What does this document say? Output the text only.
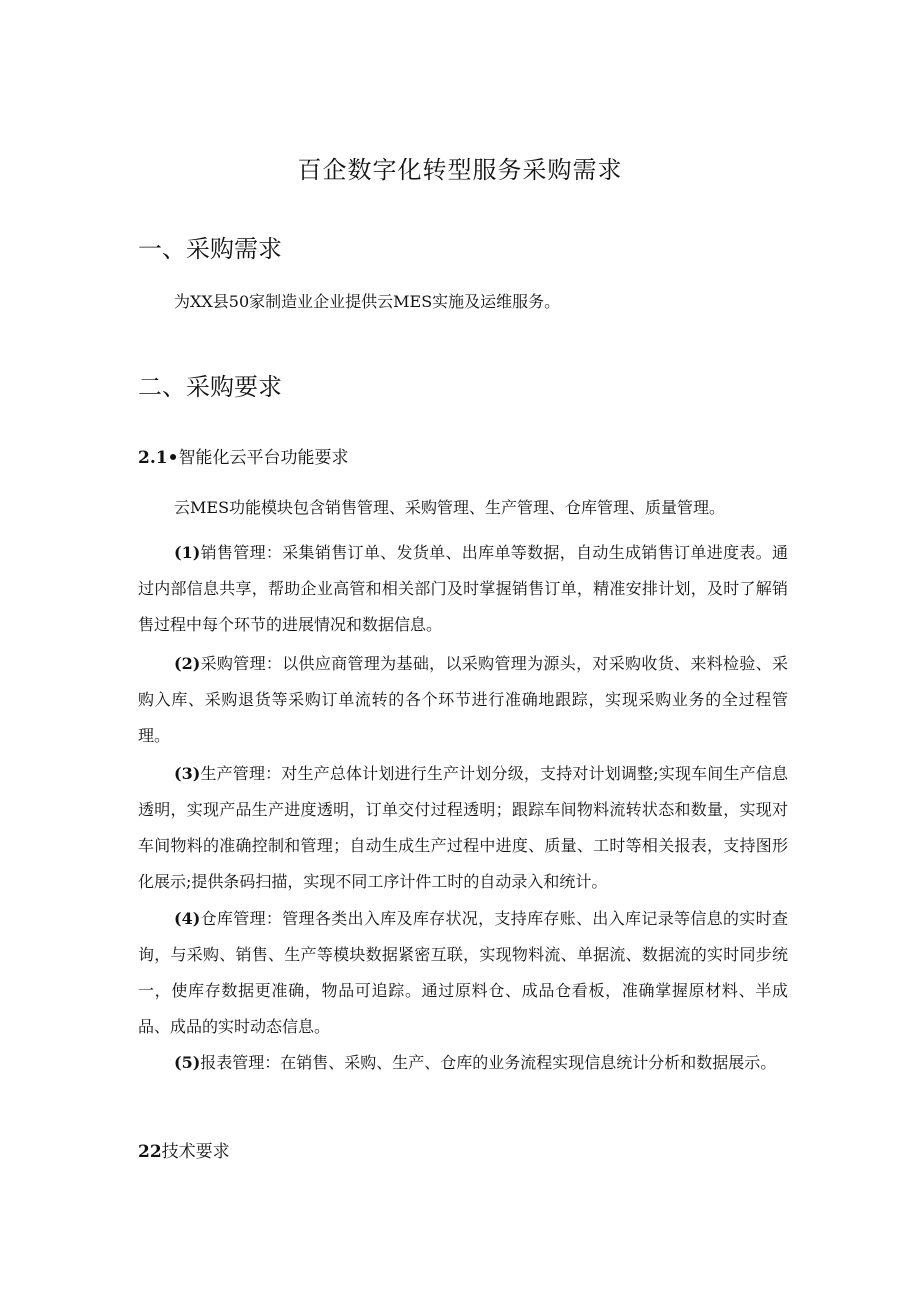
百企数字化转型服务采购需求
一、采购需求
为XX县50家制造业企业提供云MES实施及运维服务。
二、采购要求
2.1•智能化云平台功能要求
云MES功能模块包含销售管理、采购管理、生产管理、仓库管理、质量管理。
(1)销售管理：采集销售订单、发货单、出库单等数据，自动生成销售订单进度表。通过内部信息共享，帮助企业高管和相关部门及时掌握销售订单，精准安排计划，及时了解销售过程中每个环节的进展情况和数据信息。
(2)采购管理：以供应商管理为基础，以采购管理为源头，对采购收货、来料检验、采购入库、采购退货等采购订单流转的各个环节进行准确地跟踪，实现采购业务的全过程管理。
(3)生产管理：对生产总体计划进行生产计划分级，支持对计划调整;实现车间生产信息透明，实现产品生产进度透明，订单交付过程透明；跟踪车间物料流转状态和数量，实现对车间物料的准确控制和管理；自动生成生产过程中进度、质量、工时等相关报表，支持图形化展示;提供条码扫描，实现不同工序计件工时的自动录入和统计。
(4)仓库管理：管理各类出入库及库存状况，支持库存账、出入库记录等信息的实时查询，与采购、销售、生产等模块数据紧密互联，实现物料流、单据流、数据流的实时同步统一，使库存数据更准确，物品可追踪。通过原料仓、成品仓看板，准确掌握原材料、半成品、成品的实时动态信息。
(5)报表管理：在销售、采购、生产、仓库的业务流程实现信息统计分析和数据展示。
22技术要求
